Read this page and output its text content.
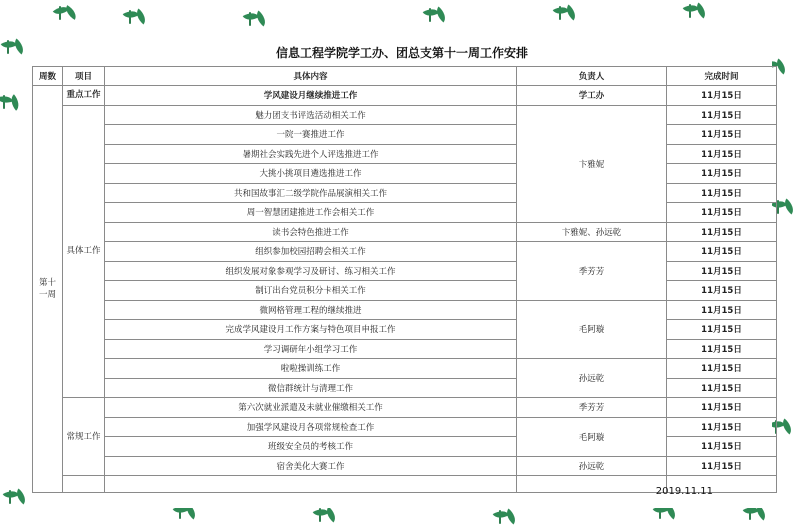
信息工程学院学工办、团总支第十一周工作安排
周数	项目	具体内容	负责人	完成时间	
第十一周	重点工作	学风建设月继续推进工作	学工办	11月15日	
	具体工作	魅力团支书评选活动相关工作	卞雅妮	11月15日	
		一院一赛推进工作		11月15日	
		暑期社会实践先进个人评选推进工作		11月15日	
		大挑小挑项目遴选推进工作		11月15日	
		共和国故事汇二级学院作品展演相关工作		11月15日	
		周一智慧团建推进工作会相关工作		11月15日	
		读书会特色推进工作	卞雅妮、孙远乾	11月15日	
		组织参加校园招聘会相关工作	季芳芳	11月15日	
		组织发展对象参观学习及研讨、练习相关工作		11月15日	
		制订出台党员积分卡相关工作		11月15日	
		微网格管理工程的继续推进	毛阿璇	11月15日	
		完成学风建设月工作方案与特色项目申报工作		11月15日	
		学习调研年小组学习工作		11月15日	
		啦啦操训练工作	孙远乾	11月15日	
		微信群统计与清理工作		11月15日	
	常规工作	第六次就业派遣及未就业催缴相关工作	季芳芳	11月15日	
		加强学风建设月各项常规检查工作	毛阿璇	11月15日	
		班级安全员的考核工作		11月15日	
		宿舍美化大赛工作	孙远乾	11月15日	

2019.11.11
